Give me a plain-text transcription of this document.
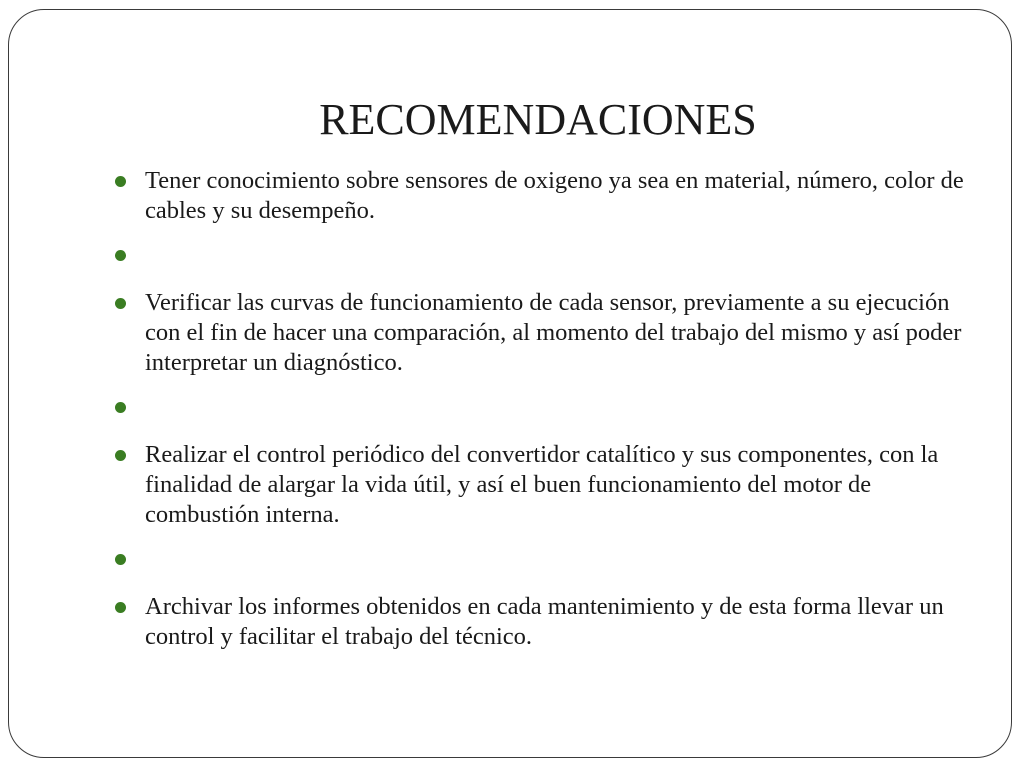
RECOMENDACIONES
Tener conocimiento sobre sensores de oxigeno ya sea en material, número, color de cables y su desempeño.
Verificar las curvas de funcionamiento de cada sensor, previamente a su ejecución con el fin de hacer una comparación, al momento del trabajo del mismo y así poder interpretar un diagnóstico.
Realizar el control periódico del convertidor catalítico y sus componentes, con la finalidad de alargar la vida útil, y así el buen funcionamiento del motor de combustión interna.
Archivar los informes obtenidos en cada mantenimiento y de esta forma llevar un control y facilitar el trabajo del técnico.
